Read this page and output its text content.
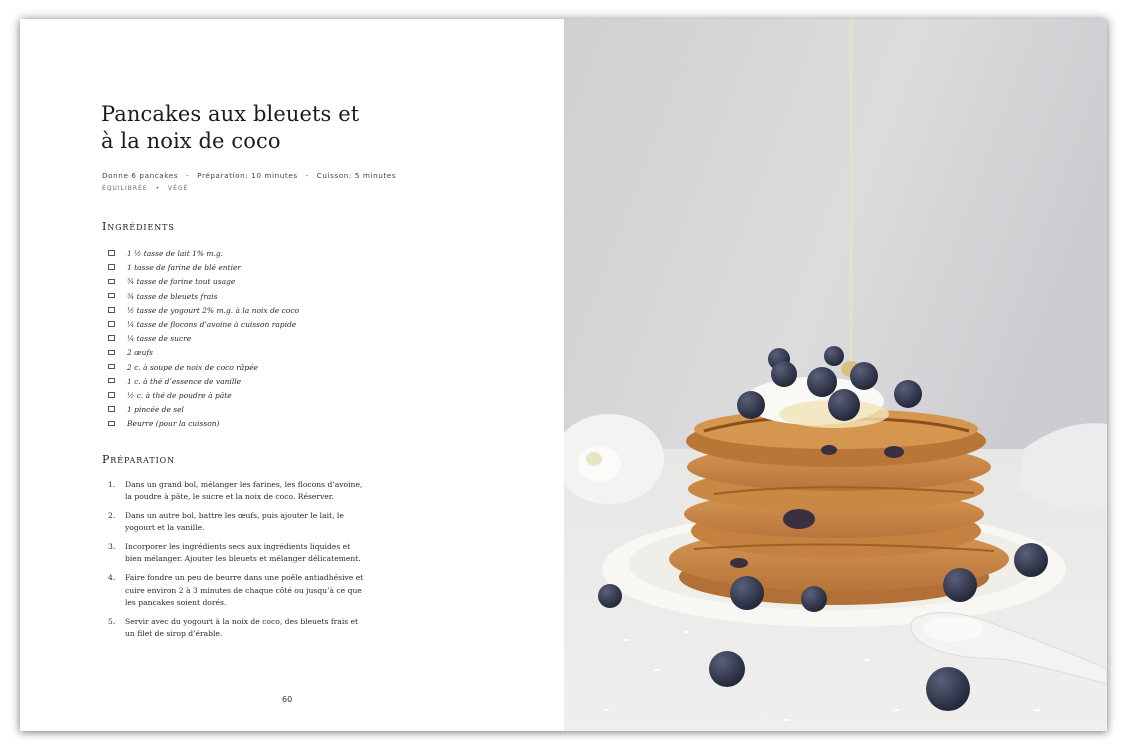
Pancakes aux bleuets et
à la noix de coco
Donne 6 pancakes - Préparation: 10 minutes - Cuisson: 5 minutes
ÉQUILIBRÉE • VÉGÉ
Ingrédients
1 ½ tasse de lait 1% m.g.
1 tasse de farine de blé entier
¾ tasse de farine tout usage
¾ tasse de bleuets frais
½ tasse de yogourt 2% m.g. à la noix de coco
¼ tasse de flocons d’avoine à cuisson rapide
¼ tasse de sucre
2 œufs
2 c. à soupe de noix de coco râpée
1 c. à thé d’essence de vanille
½ c. à thé de poudre à pâte
1 pincée de sel
Beurre (pour la cuisson)
Préparation
1.	Dans un grand bol, mélanger les farines, les flocons d’avoine,
la poudre à pâte, le sucre et la noix de coco. Réserver.
2.	Dans un autre bol, battre les œufs, puis ajouter le lait, le
yogourt et la vanille.
3.	Incorporer les ingrédients secs aux ingrédients liquides et
bien mélanger. Ajouter les bleuets et mélanger délicatement.
4.	Faire fondre un peu de beurre dans une poêle antiadhésive et
cuire environ 2 à 3 minutes de chaque côté ou jusqu’à ce que
les pancakes soient dorés.
5.	Servir avec du yogourt à la noix de coco, des bleuets frais et
un filet de sirop d’érable.
60
